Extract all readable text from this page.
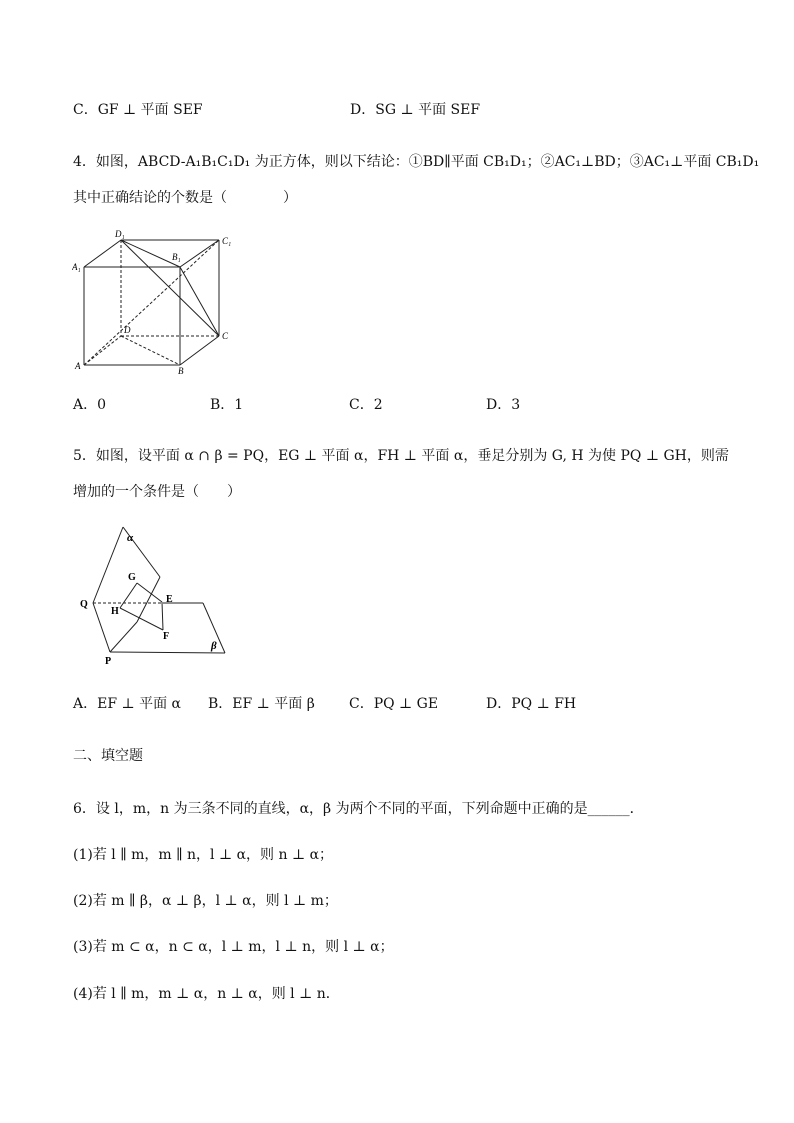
C．GF ⊥ 平面 SEF	D．SG ⊥ 平面 SEF
4．如图，ABCD-A₁B₁C₁D₁ 为正方体，则以下结论：①BD∥平面 CB₁D₁；②AC₁⊥BD；③AC₁⊥平面 CB₁D₁
其中正确结论的个数是（　　　　）
D₁
C₁
A₁
B₁
D
C
A	B
A．0	B．1	C．2	D．3
5．如图，设平面 α ∩ β = PQ，EG ⊥ 平面 α，FH ⊥ 平面 α，垂足分别为 G, H 为使 PQ ⊥ GH，则需
增加的一个条件是（　　）
α
β
G
H
E
F
Q
P
A．EF ⊥ 平面 α B．EF ⊥ 平面 β C．PQ ⊥ GE	D．PQ ⊥ FH
二、填空题
6．设 l，m，n 为三条不同的直线，α，β 为两个不同的平面，下列命题中正确的是______．
(1)若 l ∥ m，m ∥ n，l ⊥ α，则 n ⊥ α；
(2)若 m ∥ β，α ⊥ β，l ⊥ α，则 l ⊥ m；
(3)若 m ⊂ α，n ⊂ α，l ⊥ m，l ⊥ n，则 l ⊥ α；
(4)若 l ∥ m，m ⊥ α，n ⊥ α，则 l ⊥ n．
